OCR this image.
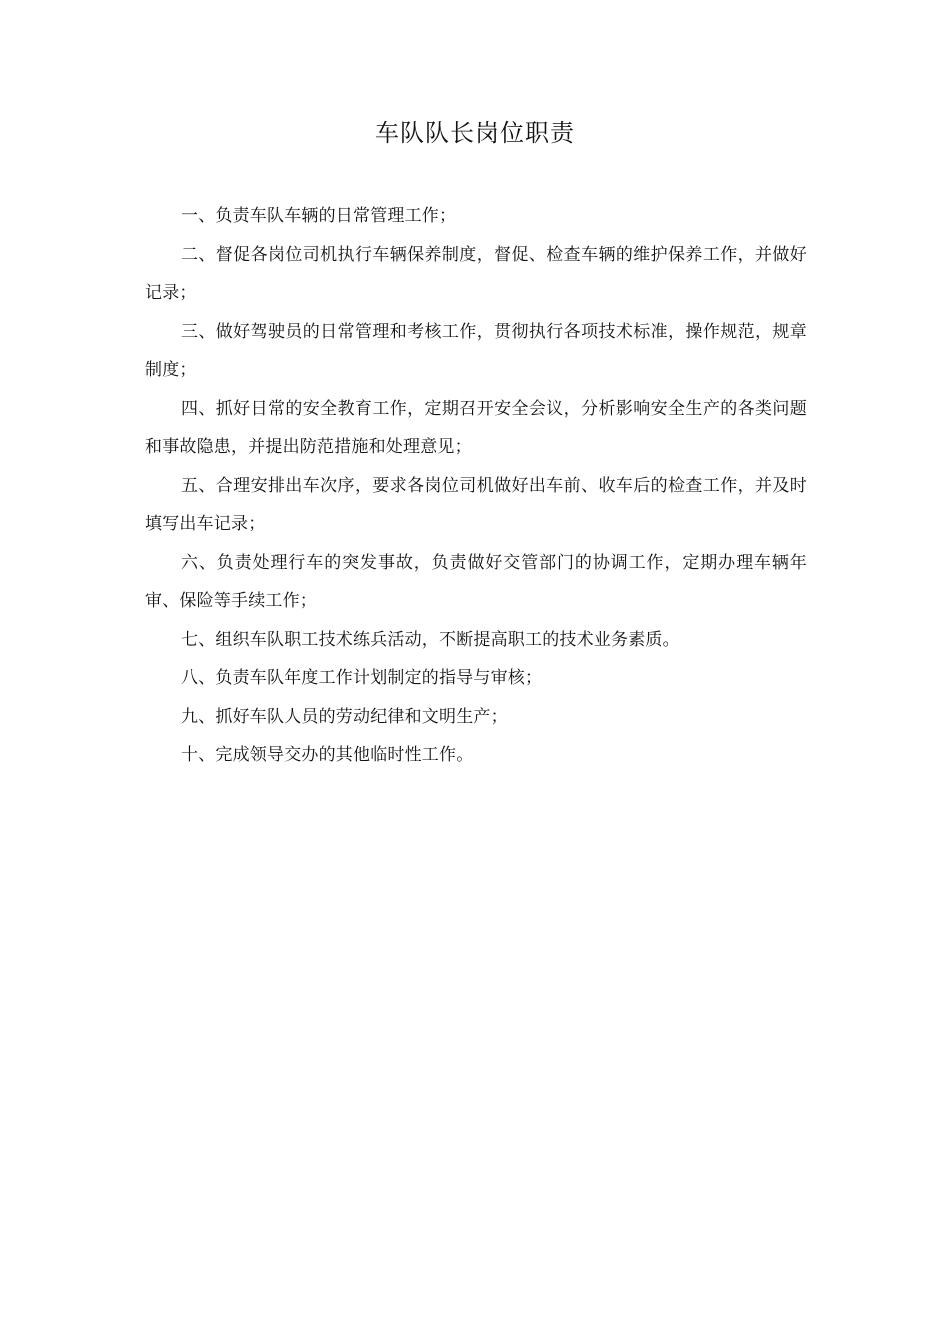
车队队长岗位职责

一、负责车队车辆的日常管理工作；

二、督促各岗位司机执行车辆保养制度，督促、检查车辆的维护保养工作，并做好记录；

三、做好驾驶员的日常管理和考核工作，贯彻执行各项技术标准，操作规范，规章制度；

四、抓好日常的安全教育工作，定期召开安全会议，分析影响安全生产的各类问题和事故隐患，并提出防范措施和处理意见；

五、合理安排出车次序，要求各岗位司机做好出车前、收车后的检查工作，并及时填写出车记录；

六、负责处理行车的突发事故，负责做好交管部门的协调工作，定期办理车辆年审、保险等手续工作；

七、组织车队职工技术练兵活动，不断提高职工的技术业务素质。

八、负责车队年度工作计划制定的指导与审核；

九、抓好车队人员的劳动纪律和文明生产；

十、完成领导交办的其他临时性工作。
